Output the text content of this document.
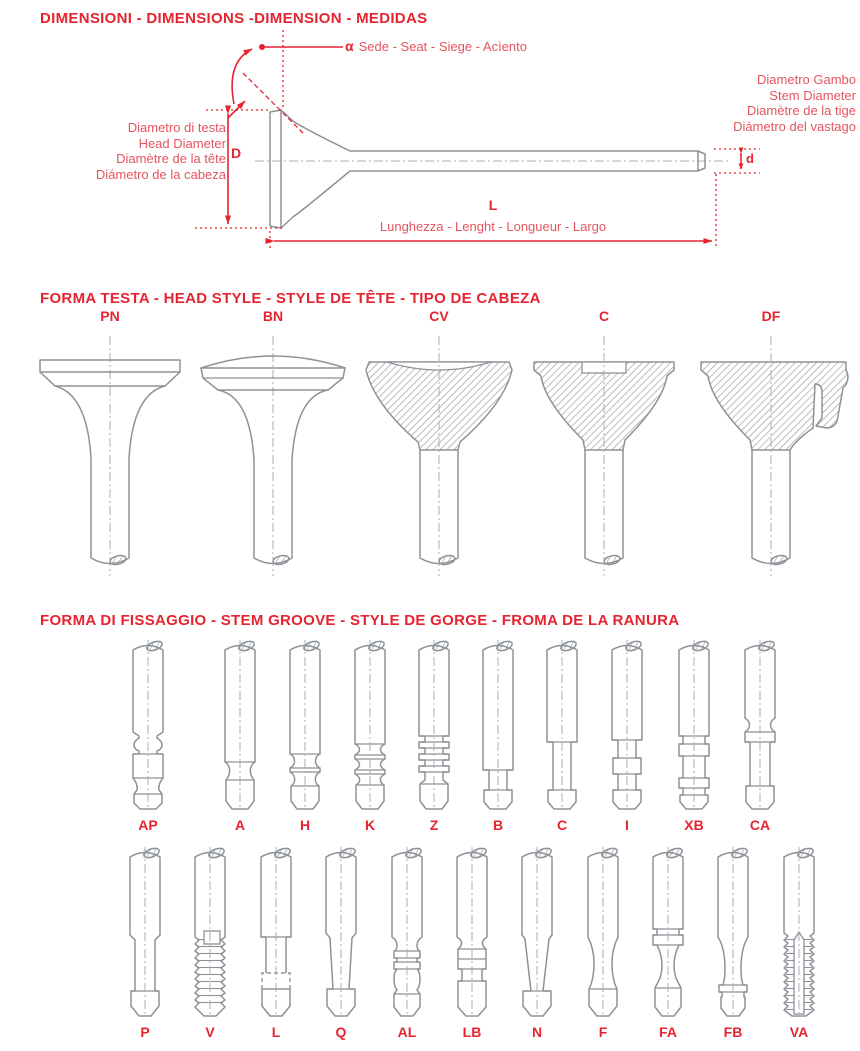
DIMENSIONI - DIMENSIONS -DIMENSION - MEDIDAS
α Sede - Seat - Siege - Acìento
Diametro Gambo
Stem Diameter
Diamètre de la tige
Diámetro del vastago
Diametro di testa
Head Diameter
Diamètre de la tête
Diámetro de la cabeza
D	d
L
Lunghezza - Lenght - Longueur - Largo
FORMA TESTA - HEAD STYLE - STYLE DE TÊTE - TIPO DE CABEZA
PN	BN	CV	C	DF
FORMA DI FISSAGGIO - STEM GROOVE - STYLE DE GORGE - FROMA DE LA RANURA
AP	A	H	K	Z	B	C	I	XB	CA
P	V	L	Q	AL	LB	N	F	FA	FB	VA
